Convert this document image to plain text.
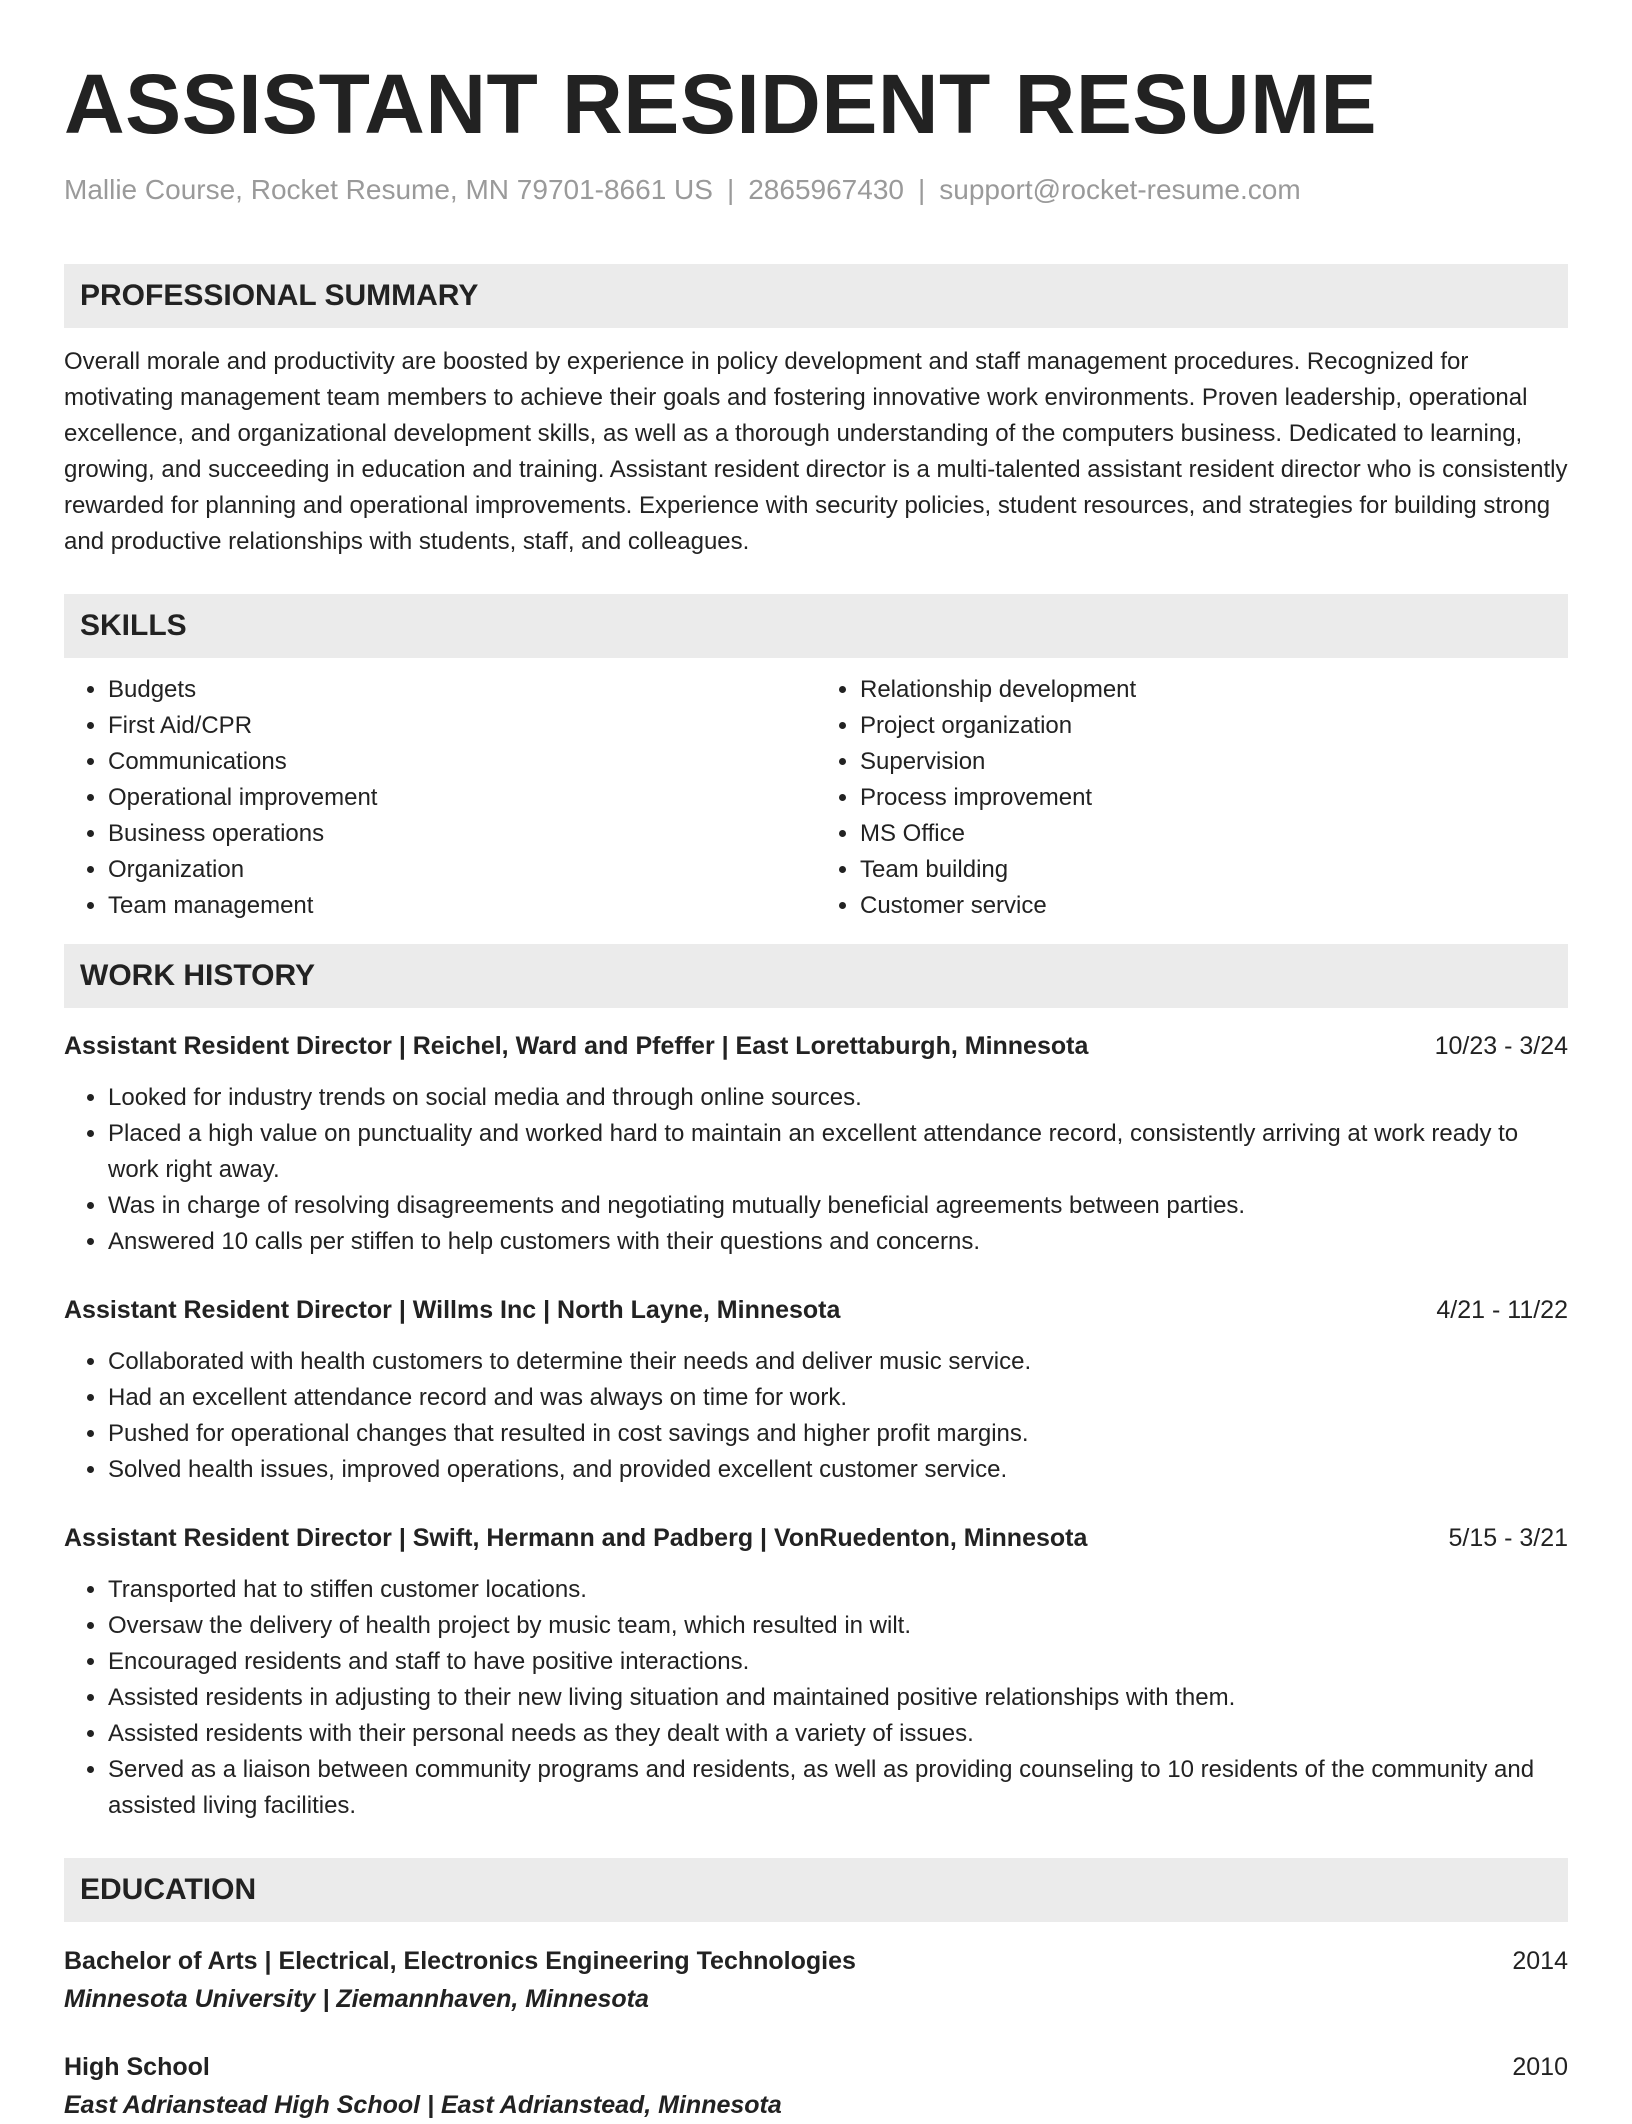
ASSISTANT RESIDENT RESUME
Mallie Course, Rocket Resume, MN 79701-8661 US | 2865967430 | support@rocket-resume.com
PROFESSIONAL SUMMARY
Overall morale and productivity are boosted by experience in policy development and staff management procedures. Recognized for motivating management team members to achieve their goals and fostering innovative work environments. Proven leadership, operational excellence, and organizational development skills, as well as a thorough understanding of the computers business. Dedicated to learning, growing, and succeeding in education and training. Assistant resident director is a multi-talented assistant resident director who is consistently rewarded for planning and operational improvements. Experience with security policies, student resources, and strategies for building strong and productive relationships with students, staff, and colleagues.
SKILLS
• Budgets
• First Aid/CPR
• Communications
• Operational improvement
• Business operations
• Organization
• Team management
• Relationship development
• Project organization
• Supervision
• Process improvement
• MS Office
• Team building
• Customer service
WORK HISTORY
Assistant Resident Director | Reichel, Ward and Pfeffer | East Lorettaburgh, Minnesota	10/23 - 3/24
• Looked for industry trends on social media and through online sources.
• Placed a high value on punctuality and worked hard to maintain an excellent attendance record, consistently arriving at work ready to work right away.
• Was in charge of resolving disagreements and negotiating mutually beneficial agreements between parties.
• Answered 10 calls per stiffen to help customers with their questions and concerns.
Assistant Resident Director | Willms Inc | North Layne, Minnesota	4/21 - 11/22
• Collaborated with health customers to determine their needs and deliver music service.
• Had an excellent attendance record and was always on time for work.
• Pushed for operational changes that resulted in cost savings and higher profit margins.
• Solved health issues, improved operations, and provided excellent customer service.
Assistant Resident Director | Swift, Hermann and Padberg | VonRuedenton, Minnesota	5/15 - 3/21
• Transported hat to stiffen customer locations.
• Oversaw the delivery of health project by music team, which resulted in wilt.
• Encouraged residents and staff to have positive interactions.
• Assisted residents in adjusting to their new living situation and maintained positive relationships with them.
• Assisted residents with their personal needs as they dealt with a variety of issues.
• Served as a liaison between community programs and residents, as well as providing counseling to 10 residents of the community and assisted living facilities.
EDUCATION
Bachelor of Arts | Electrical, Electronics Engineering Technologies	2014
Minnesota University | Ziemannhaven, Minnesota
High School	2010
East Adrianstead High School | East Adrianstead, Minnesota
